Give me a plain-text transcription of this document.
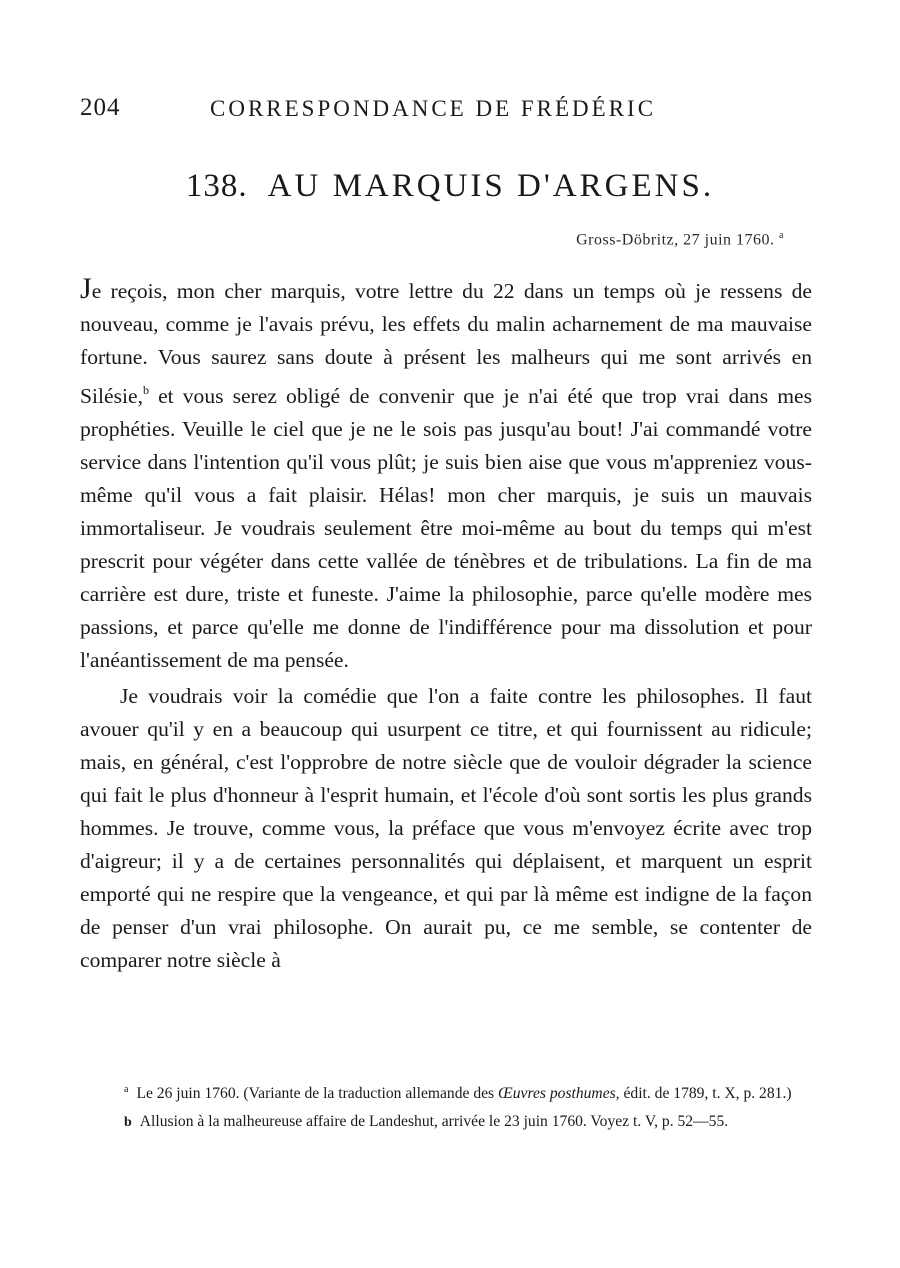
204	CORRESPONDANCE DE FRÉDÉRIC
138. AU MARQUIS D'ARGENS.
Gross-Döbritz, 27 juin 1760. $^a$

Je reçois, mon cher marquis, votre lettre du 22 dans un temps où je ressens de nouveau, comme je l'avais prévu, les effets du malin acharnement de ma mauvaise fortune. Vous saurez sans doute à présent les malheurs qui me sont arrivés en Silésie,$^b$ et vous serez obligé de convenir que je n'ai été que trop vrai dans mes prophéties. Veuille le ciel que je ne le sois pas jusqu'au bout! J'ai commandé votre service dans l'intention qu'il vous plût; je suis bien aise que vous m'appreniez vous-même qu'il vous a fait plaisir. Hélas! mon cher marquis, je suis un mauvais immortaliseur. Je voudrais seulement être moi-même au bout du temps qui m'est prescrit pour végéter dans cette vallée de ténèbres et de tribulations. La fin de ma carrière est dure, triste et funeste. J'aime la philosophie, parce qu'elle modère mes passions, et parce qu'elle me donne de l'indifférence pour ma dissolution et pour l'anéantissement de ma pensée.

Je voudrais voir la comédie que l'on a faite contre les philosophes. Il faut avouer qu'il y en a beaucoup qui usurpent ce titre, et qui fournissent au ridicule; mais, en général, c'est l'opprobre de notre siècle que de vouloir dégrader la science qui fait le plus d'honneur à l'esprit humain, et l'école d'où sont sortis les plus grands hommes. Je trouve, comme vous, la préface que vous m'envoyez écrite avec trop d'aigreur; il y a de certaines personnalités qui déplaisent, et marquent un esprit emporté qui ne respire que la vengeance, et qui par là même est indigne de la façon de penser d'un vrai philosophe. On aurait pu, ce me semble, se contenter de comparer notre siècle à

$^a$ Le 26 juin 1760. (Variante de la traduction allemande des Œuvres posthumes, édit. de 1789, t. X, p. 281.)

b Allusion à la malheureuse affaire de Landeshut, arrivée le 23 juin 1760. Voyez t. V, p. 52—55.
